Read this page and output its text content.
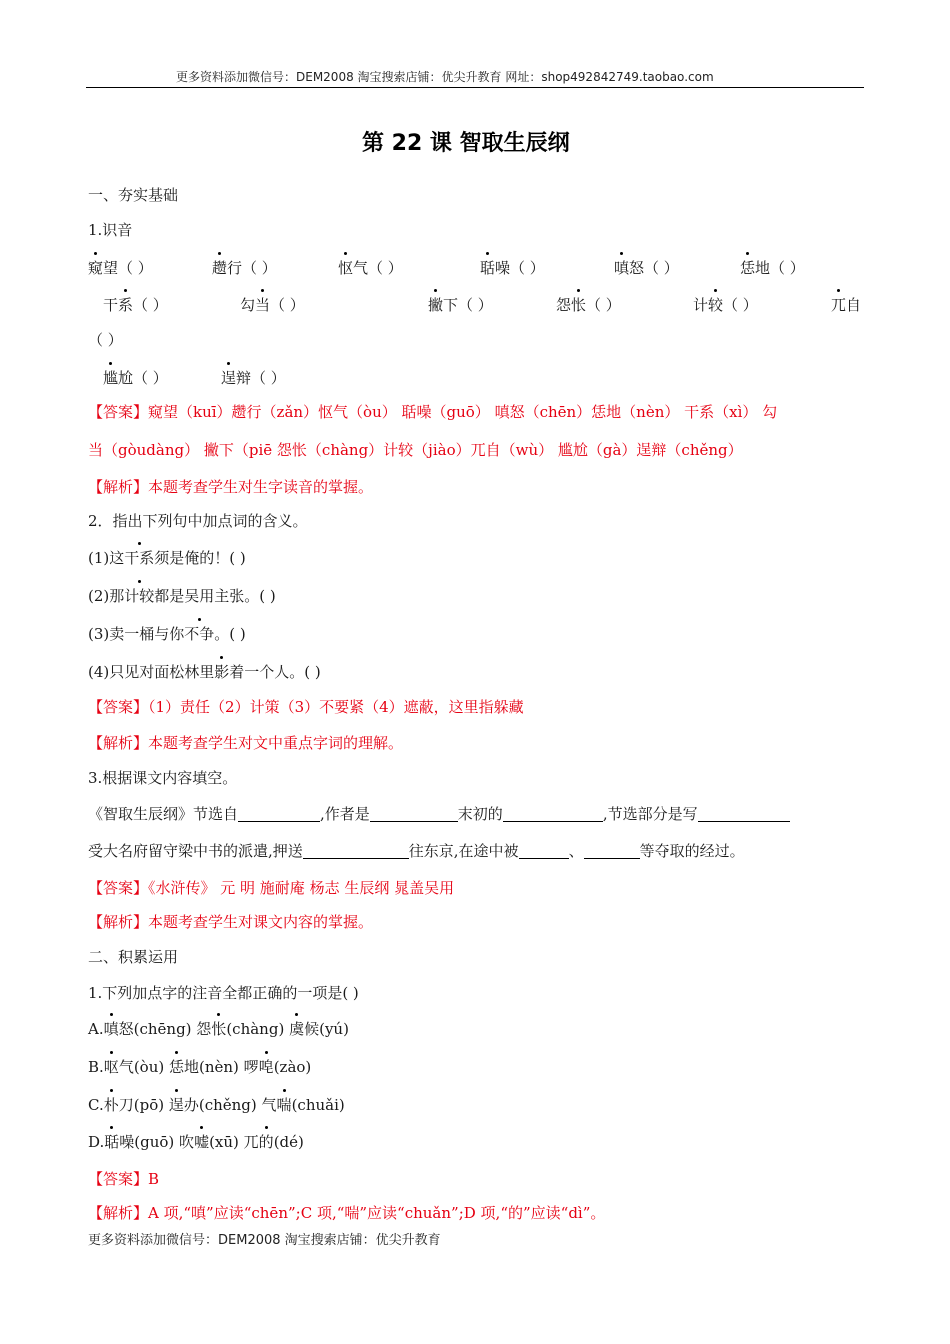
更多资料添加微信号：DEM2008 淘宝搜索店铺：优尖升教育 网址：shop492842749.taobao.com
第 22 课 智取生辰纲
一、夯实基础
1.识音
窥望（ ）	趱行（ ）	怄气（ ）	聒噪（ ）	嗔怒（ ）	恁地（ ）
干系（ ）	勾当（ ）	撇下（ ）	怨怅（ ）	计较（ ）	兀自
（ ）
尴尬（ ）	逞辩（ ）
【答案】窥望（kuī）趱行（zǎn）怄气（òu） 聒噪（guō） 嗔怒（chēn）恁地（nèn） 干系（xì） 勾
当（gòudàng） 撇下（piē 怨怅（chàng）计较（jiào）兀自（wù） 尴尬（gà）逞辩（chěng）
【解析】本题考查学生对生字读音的掌握。
2．指出下列句中加点词的含义。
(1)这干系须是俺的！( )
(2)那计较都是吴用主张。( )
(3)卖一桶与你不争。( )
(4)只见对面松林里影着一个人。( )
【答案】（1）责任（2）计策（3）不要紧（4）遮蔽，这里指躲藏
【解析】本题考查学生对文中重点字词的理解。
3.根据课文内容填空。
《智取生辰纲》节选自	,作者是	末初的	,节选部分是写
受大名府留守梁中书的派遣,押送	往东京,在途中被	、	等夺取的经过。
【答案】《水浒传》 元 明 施耐庵 杨志 生辰纲 晁盖吴用
【解析】本题考查学生对课文内容的掌握。
二、积累运用
1.下列加点字的注音全都正确的一项是( )
A.嗔怒(chēng) 怨怅(chàng) 虞候(yú)
B.呕气(òu) 恁地(nèn) 啰唣(zào)
C.朴刀(pō) 逞办(chěng) 气喘(chuǎi)
D.聒噪(guō) 吹嘘(xū) 兀的(dé)
【答案】B
【解析】A 项,“嗔”应读“chēn”;C 项,“喘”应读“chuǎn”;D 项,“的”应读“dì”。
更多资料添加微信号：DEM2008 淘宝搜索店铺：优尖升教育
